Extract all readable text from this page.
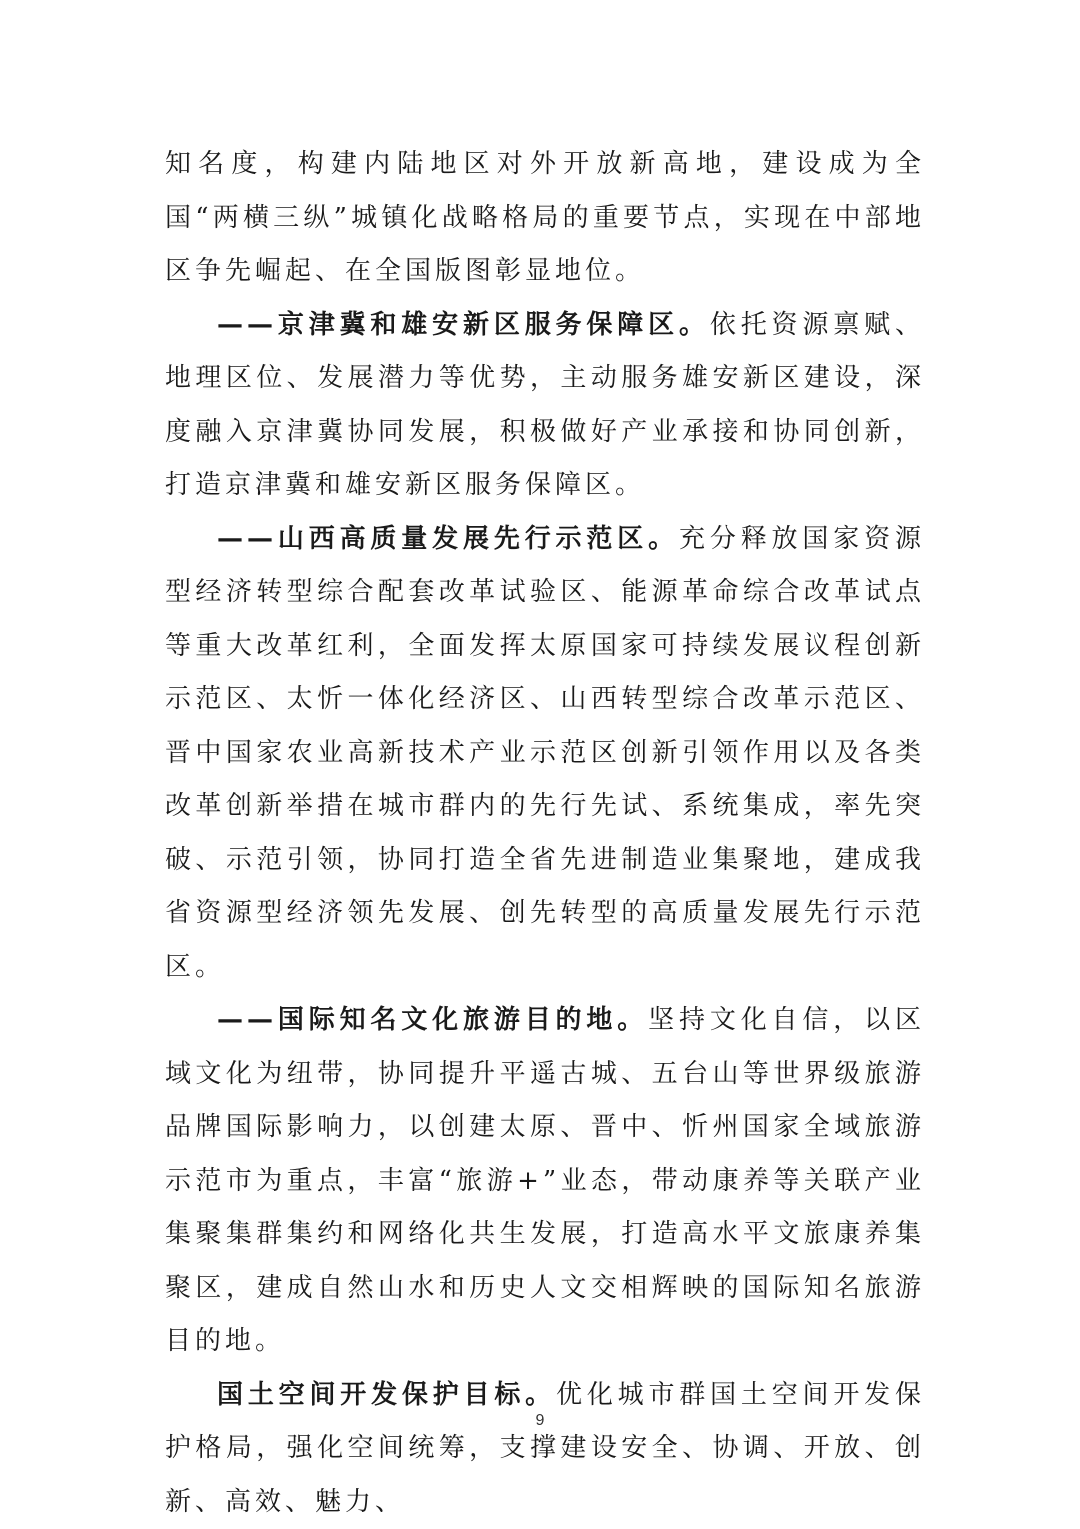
知名度，构建内陆地区对外开放新高地，建设成为全国“两横三纵”城镇化战略格局的重要节点，实现在中部地区争先崛起、在全国版图彰显地位。

——京津冀和雄安新区服务保障区。依托资源禀赋、地理区位、发展潜力等优势，主动服务雄安新区建设，深度融入京津冀协同发展，积极做好产业承接和协同创新，打造京津冀和雄安新区服务保障区。

——山西高质量发展先行示范区。充分释放国家资源型经济转型综合配套改革试验区、能源革命综合改革试点等重大改革红利，全面发挥太原国家可持续发展议程创新示范区、太忻一体化经济区、山西转型综合改革示范区、晋中国家农业高新技术产业示范区创新引领作用以及各类改革创新举措在城市群内的先行先试、系统集成，率先突破、示范引领，协同打造全省先进制造业集聚地，建成我省资源型经济领先发展、创先转型的高质量发展先行示范区。

——国际知名文化旅游目的地。坚持文化自信，以区域文化为纽带，协同提升平遥古城、五台山等世界级旅游品牌国际影响力，以创建太原、晋中、忻州国家全域旅游示范市为重点，丰富“旅游+”业态，带动康养等关联产业集聚集群集约和网络化共生发展，打造高水平文旅康养集聚区，建成自然山水和历史人文交相辉映的国际知名旅游目的地。

国土空间开发保护目标。优化城市群国土空间开发保护格局，强化空间统筹，支撑建设安全、协调、开放、创新、高效、魅力、

9
